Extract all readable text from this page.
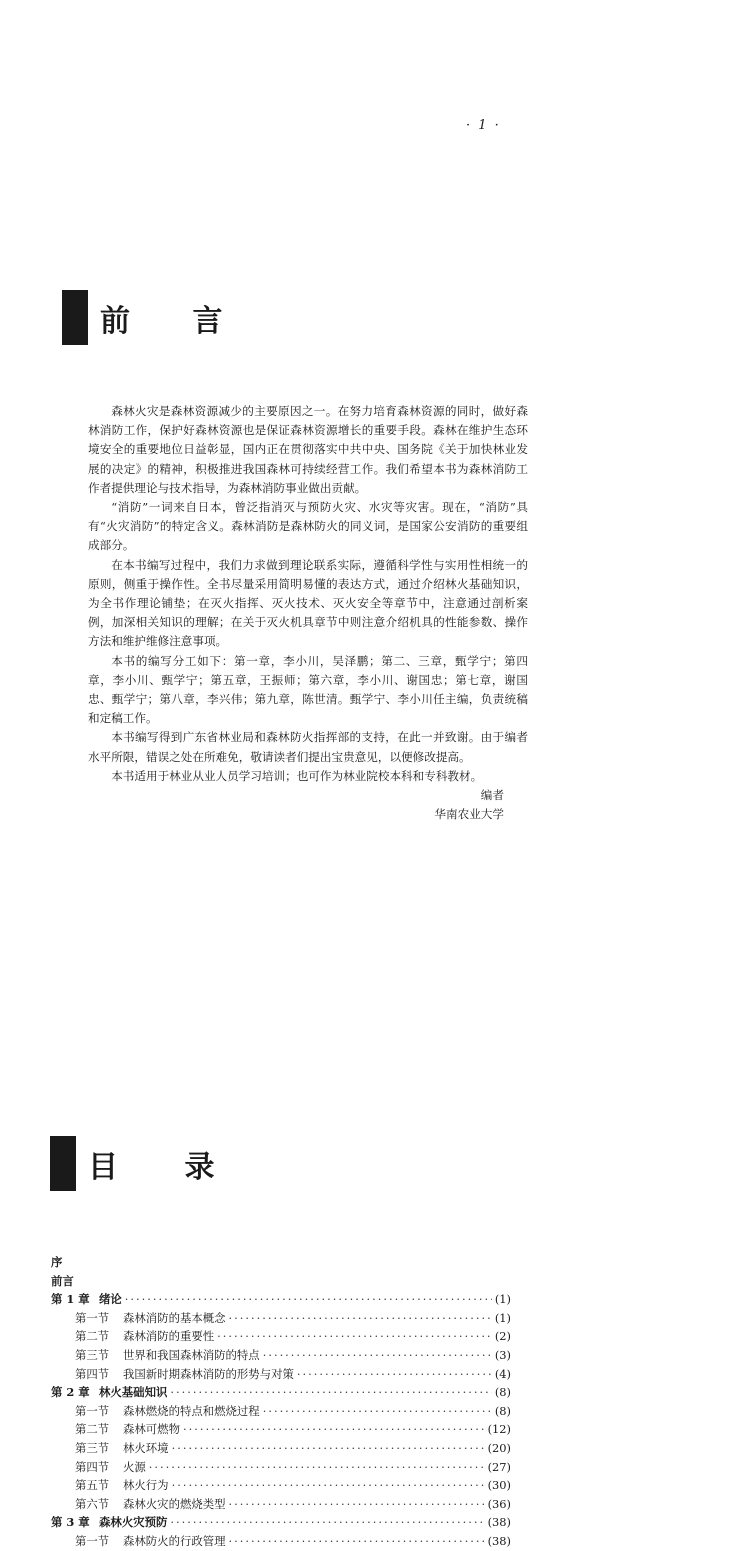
· 1 ·
前 言

森林火灾是森林资源减少的主要原因之一。在努力培育森林资源的同时，做好森林消防工作，保护好森林资源也是保证森林资源增长的重要手段。森林在维护生态环境安全的重要地位日益彰显，国内正在贯彻落实中共中央、国务院《关于加快林业发展的决定》的精神，积极推进我国森林可持续经营工作。我们希望本书为森林消防工作者提供理论与技术指导，为森林消防事业做出贡献。

“消防”一词来自日本，曾泛指消灭与预防火灾、水灾等灾害。现在，“消防”具有“火灾消防”的特定含义。森林消防是森林防火的同义词，是国家公安消防的重要组成部分。

在本书编写过程中，我们力求做到理论联系实际，遵循科学性与实用性相统一的原则，侧重于操作性。全书尽量采用简明易懂的表达方式，通过介绍林火基础知识，为全书作理论铺垫；在灭火指挥、灭火技术、灭火安全等章节中，注意通过剖析案例，加深相关知识的理解；在关于灭火机具章节中则注意介绍机具的性能参数、操作方法和维护维修注意事项。

本书的编写分工如下：第一章，李小川，吴泽鹏；第二、三章，甄学宁；第四章，李小川、甄学宁；第五章，王振师；第六章，李小川、谢国忠；第七章，谢国忠、甄学宁；第八章，李兴伟；第九章，陈世清。甄学宁、李小川任主编，负责统稿和定稿工作。

本书编写得到广东省林业局和森林防火指挥部的支持，在此一并致谢。由于编者水平所限，错误之处在所难免，敬请读者们提出宝贵意见，以便修改提高。

本书适用于林业从业人员学习培训；也可作为林业院校本科和专科教材。

编者
华南农业大学
目 录
序
前言
第 1 章 绪论 ·····	(1)
第一节 森林消防的基本概念 ·····	(1)
第二节 森林消防的重要性 ·····	(2)
第三节 世界和我国森林消防的特点 ·····	(3)
第四节 我国新时期森林消防的形势与对策 ·····	(4)
第 2 章 林火基础知识 ·····	(8)
第一节 森林燃烧的特点和燃烧过程 ·····	(8)
第二节 森林可燃物 ·····	(12)
第三节 林火环境 ·····	(20)
第四节 火源 ·····	(27)
第五节 林火行为 ·····	(30)
第六节 森林火灾的燃烧类型 ·····	(36)
第 3 章 森林火灾预防 ·····	(38)
第一节 森林防火的行政管理 ·····	(38)
